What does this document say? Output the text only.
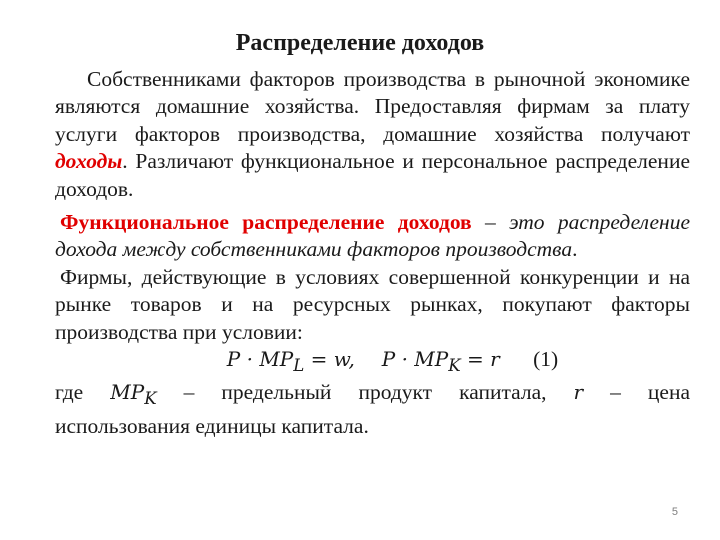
Распределение доходов

Собственниками факторов производства в рыночной экономике являются домашние хозяйства. Предоставляя фирмам за плату услуги факторов производства, домашние хозяйства получают доходы. Различают функциональное и персональное распределение доходов.

Функциональное распределение доходов – это распределение дохода между собственниками факторов производства.

Фирмы, действующие в условиях совершенной конкуренции и на рынке товаров и на ресурсных рынках, покупают факторы производства при условии:

$P \cdot MP_L = w$, $P \cdot MP_K = r$ (1)
где $MP_K$ – предельный продукт капитала, r – цена

использования единицы капитала.

5
